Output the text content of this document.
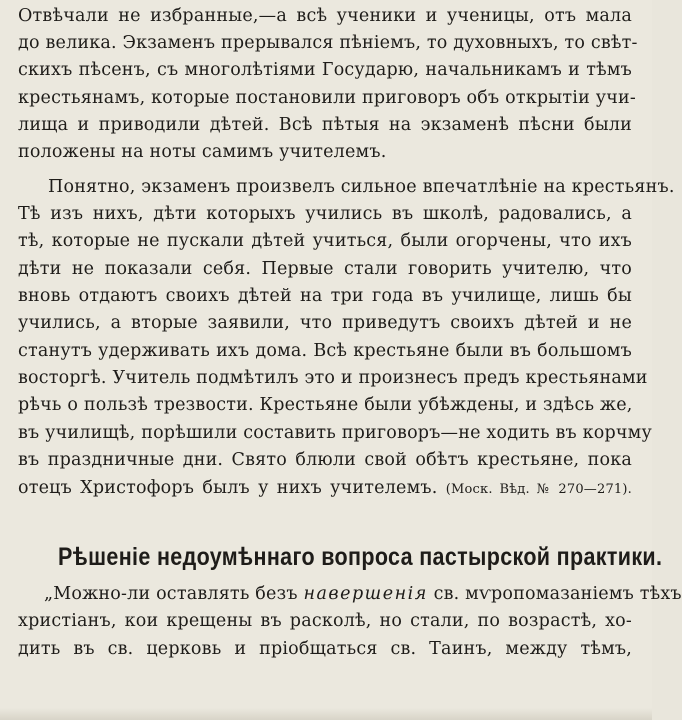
Отвѣчали не избранные,—а всѣ ученики и ученицы, отъ мала
до велика. Экзаменъ прерывался пѣніемъ, то духовныхъ, то свѣт-
скихъ пѣсенъ, съ многолѣтіями Государю, начальникамъ и тѣмъ
крестьянамъ, которые постановили приговоръ объ открытіи учи-
лища и приводили дѣтей. Всѣ пѣтыя на экзаменѣ пѣсни были
положены на ноты самимъ учителемъ.
Понятно, экзаменъ произвелъ сильное впечатлѣніе на крестьянъ.
Тѣ изъ нихъ, дѣти которыхъ учились въ школѣ, радовались, а
тѣ, которые не пускали дѣтей учиться, были огорчены, что ихъ
дѣти не показали себя. Первые стали говорить учителю, что
вновь отдаютъ своихъ дѣтей на три года въ училище, лишь бы
учились, а вторые заявили, что приведутъ своихъ дѣтей и не
станутъ удерживать ихъ дома. Всѣ крестьяне были въ большомъ
восторгѣ. Учитель подмѣтилъ это и произнесъ предъ крестьянами
рѣчь о пользѣ трезвости. Крестьяне были убѣждены, и здѣсь же,
въ училищѣ, порѣшили составить приговоръ—не ходить въ корчму
въ праздничные дни. Свято блюли свой обѣтъ крестьяне, пока
отецъ Христофоръ былъ у нихъ учителемъ. (Моск. Вѣд. № 270—271).
Рѣшеніе недоумѣннаго вопроса пастырской практики.
„Можно-ли оставлять безъ навершенія св. мѵропомазаніемъ тѣхъ
христіанъ, кои крещены въ расколѣ, но стали, по возрастѣ, хо-
дить въ св. церковь и пріобщаться св. Таинъ, между тѣмъ,
